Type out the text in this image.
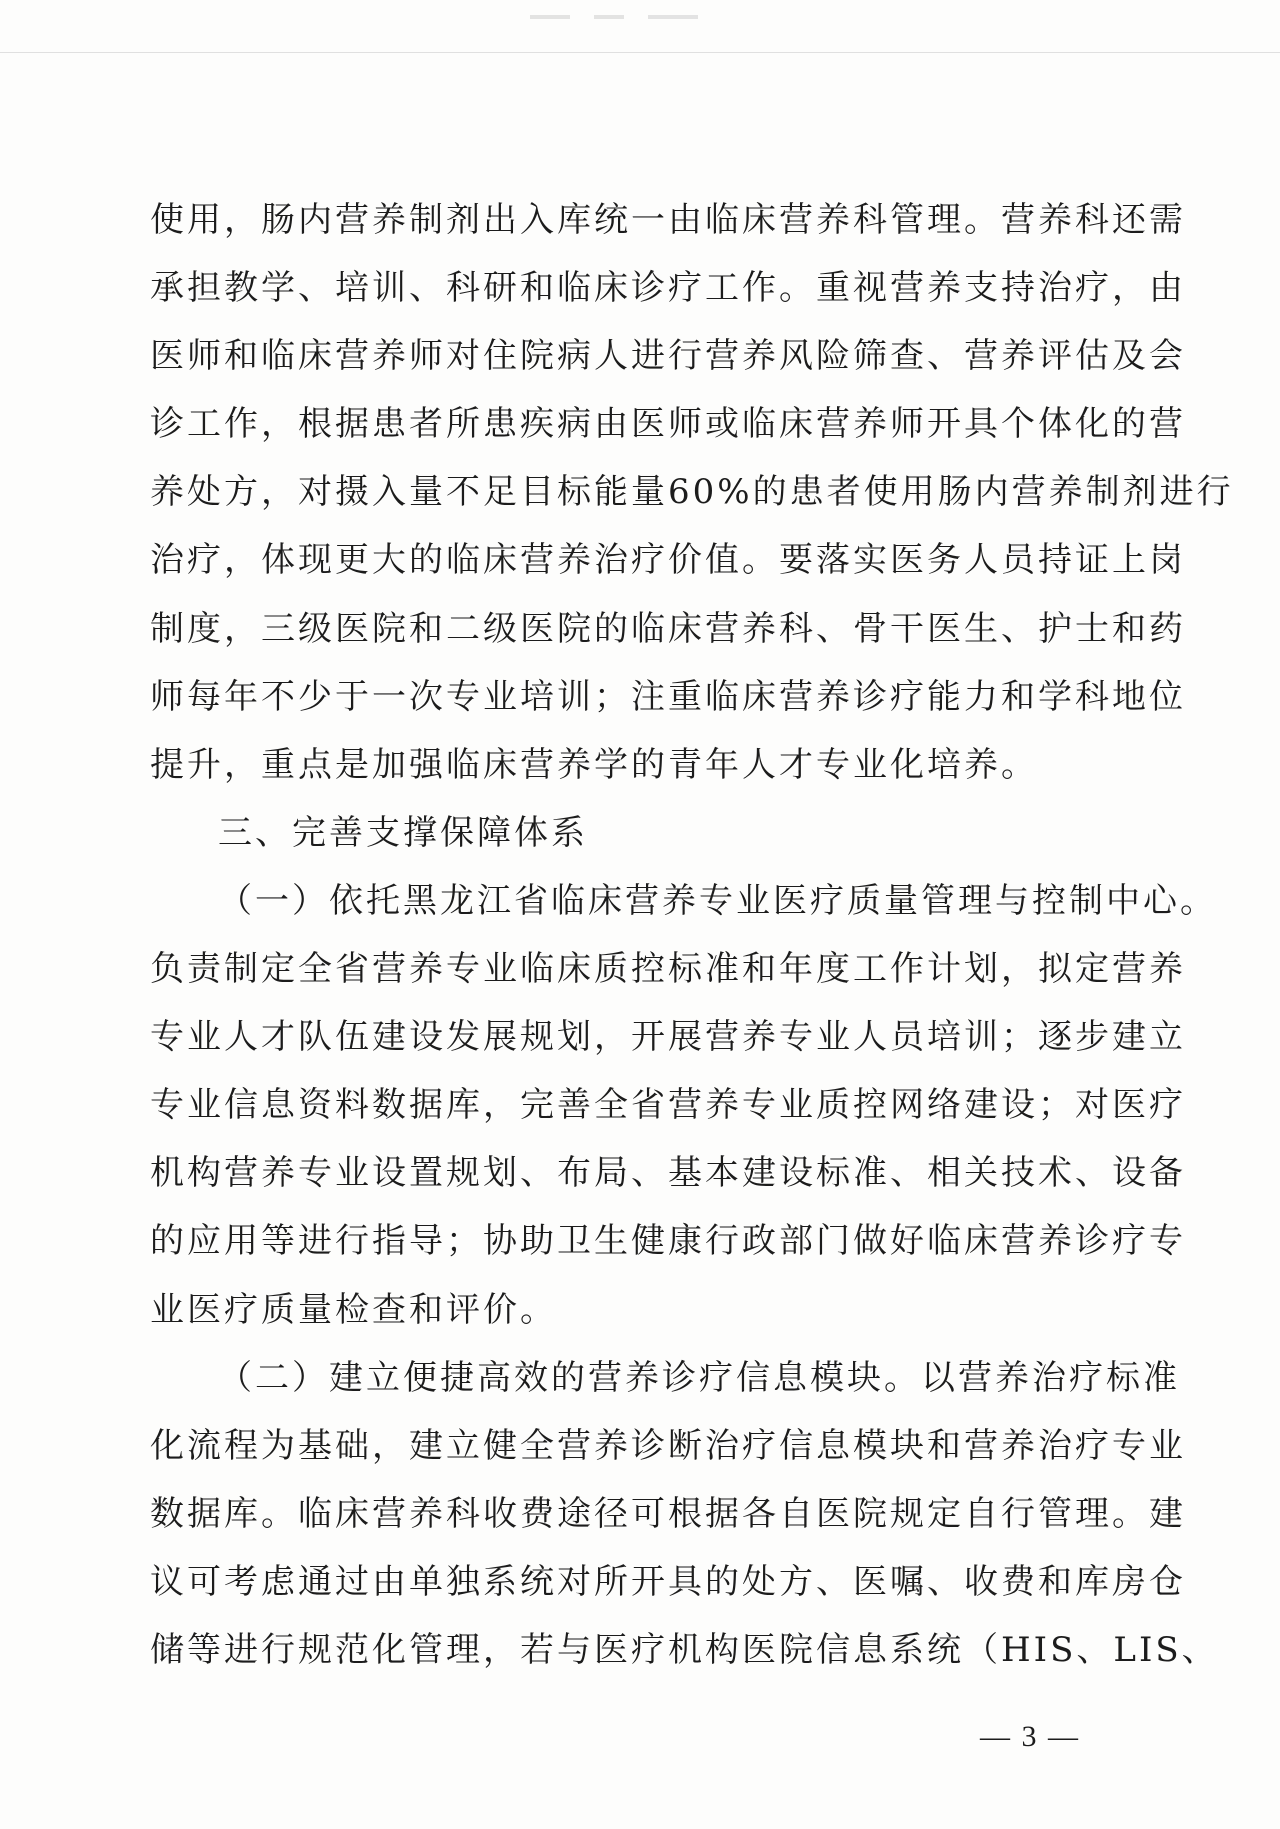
使用，肠内营养制剂出入库统一由临床营养科管理。营养科还需

承担教学、培训、科研和临床诊疗工作。重视营养支持治疗，由

医师和临床营养师对住院病人进行营养风险筛查、营养评估及会

诊工作，根据患者所患疾病由医师或临床营养师开具个体化的营

养处方，对摄入量不足目标能量60%的患者使用肠内营养制剂进行

治疗，体现更大的临床营养治疗价值。要落实医务人员持证上岗

制度，三级医院和二级医院的临床营养科、骨干医生、护士和药

师每年不少于一次专业培训；注重临床营养诊疗能力和学科地位

提升，重点是加强临床营养学的青年人才专业化培养。

三、完善支撑保障体系

（一）依托黑龙江省临床营养专业医疗质量管理与控制中心。

负责制定全省营养专业临床质控标准和年度工作计划，拟定营养

专业人才队伍建设发展规划，开展营养专业人员培训；逐步建立

专业信息资料数据库，完善全省营养专业质控网络建设；对医疗

机构营养专业设置规划、布局、基本建设标准、相关技术、设备

的应用等进行指导；协助卫生健康行政部门做好临床营养诊疗专

业医疗质量检查和评价。

（二）建立便捷高效的营养诊疗信息模块。以营养治疗标准

化流程为基础，建立健全营养诊断治疗信息模块和营养治疗专业

数据库。临床营养科收费途径可根据各自医院规定自行管理。建

议可考虑通过由单独系统对所开具的处方、医嘱、收费和库房仓

储等进行规范化管理，若与医疗机构医院信息系统（HIS、LIS、

— 3 —
